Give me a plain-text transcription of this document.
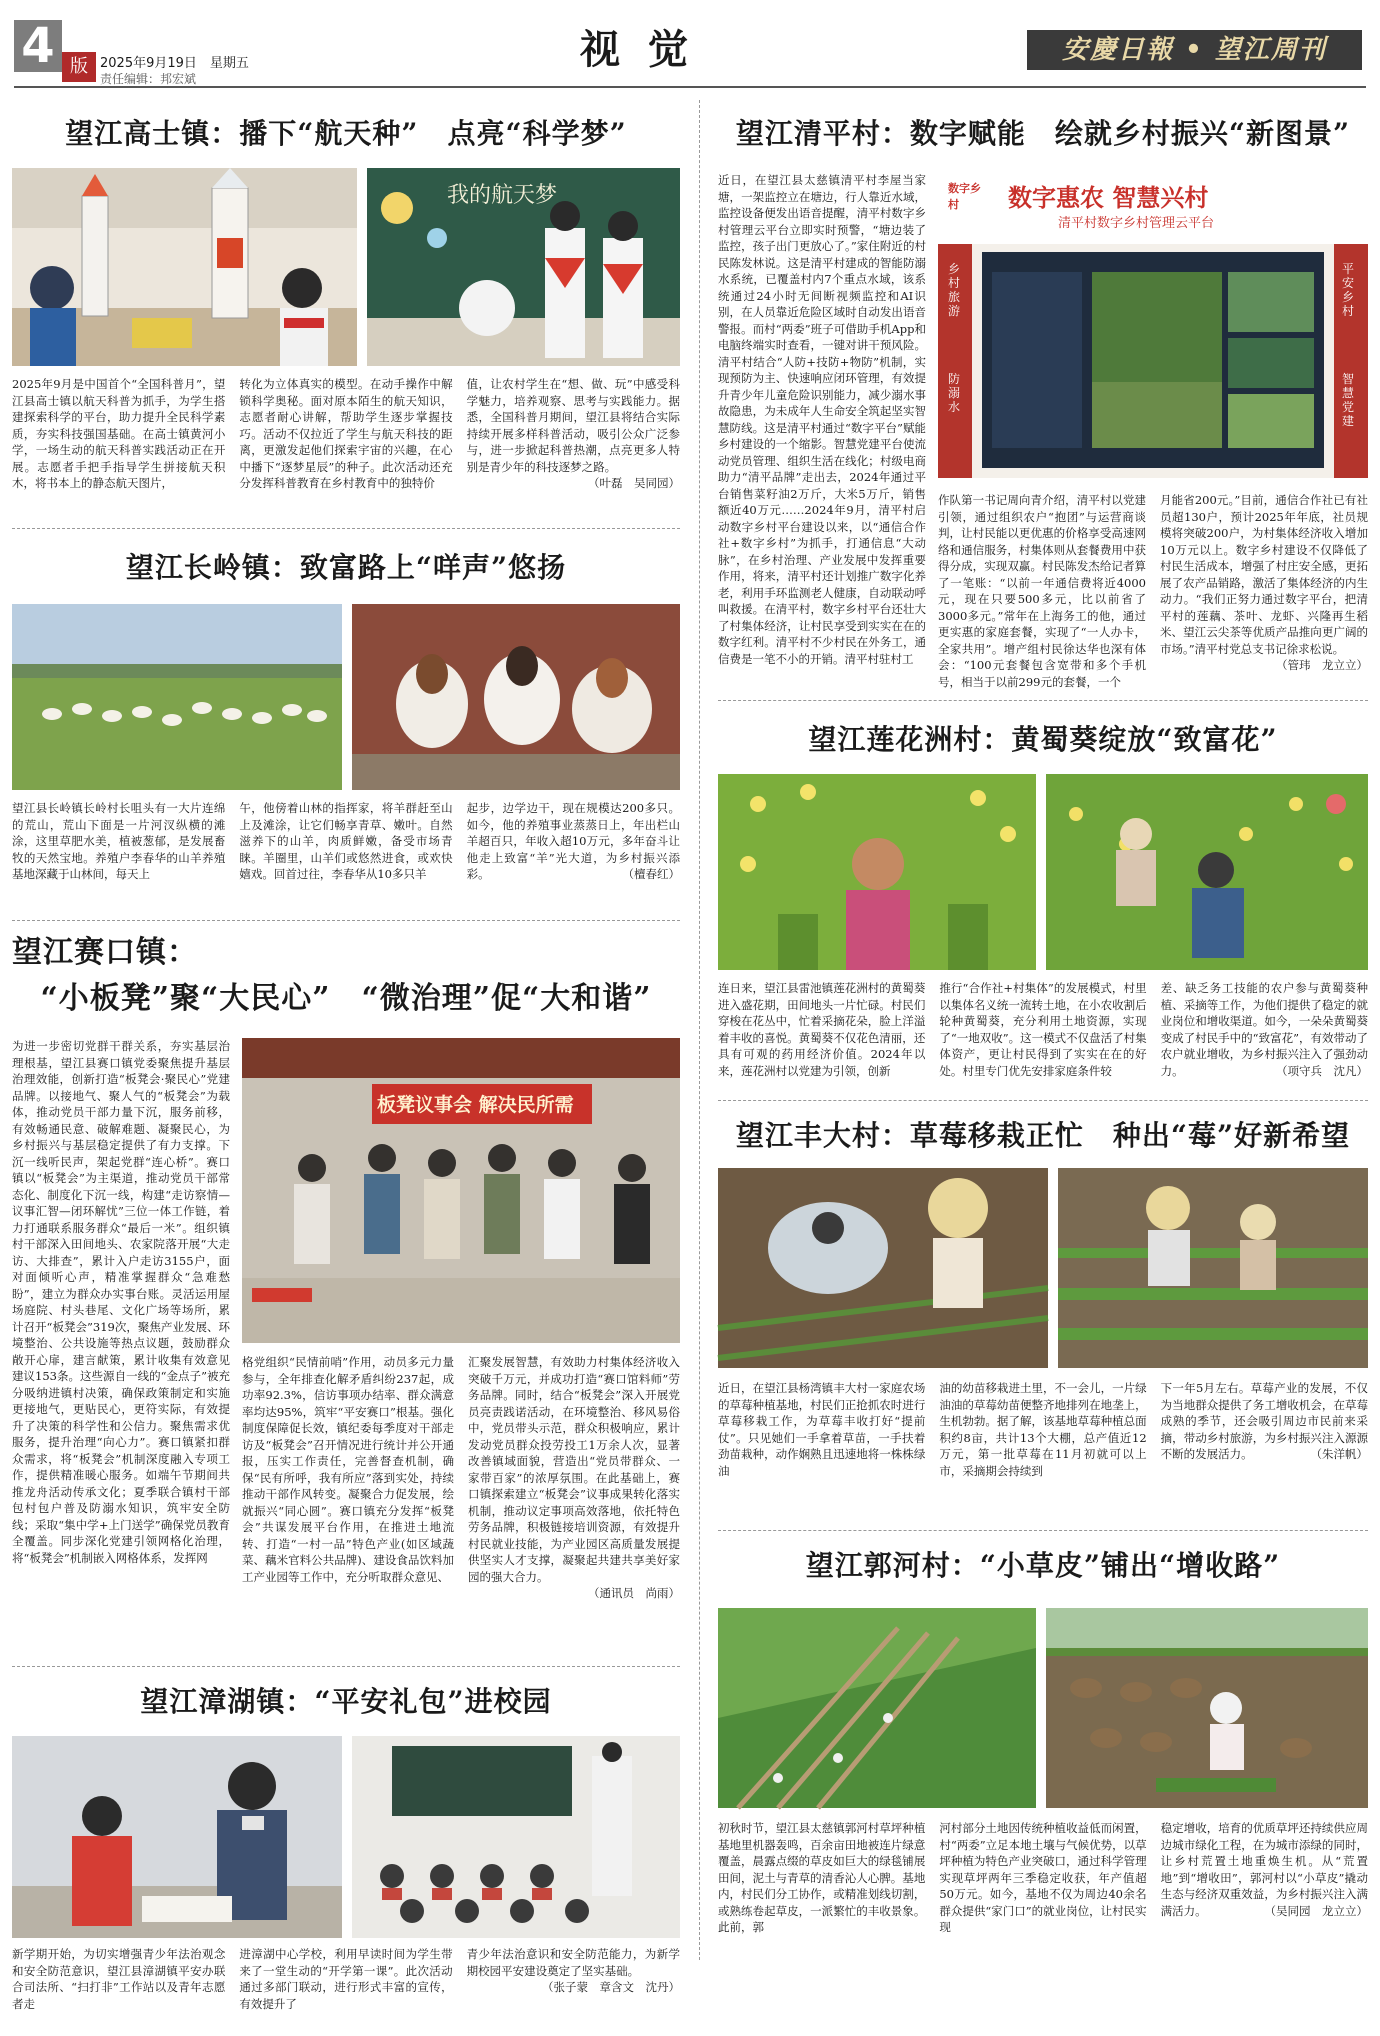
4 版 2025年9月19日　星期五
责任编辑：邦宏斌
视觉	安慶日報 • 望江周刊
望江高士镇：播下“航天种”　点亮“科学梦”
我的航天梦

2025年9月是中国首个“全国科普月”，望江县高士镇以航天科普为抓手，为学生搭建探索科学的平台，助力提升全民科学素质，夯实科技强国基础。在高士镇黄河小学，一场生动的航天科普实践活动正在开展。志愿者手把手指导学生拼接航天积木，将书本上的静态航天图片，

转化为立体真实的模型。在动手操作中解锁科学奥秘。面对原本陌生的航天知识，志愿者耐心讲解，帮助学生逐步掌握技巧。活动不仅拉近了学生与航天科技的距离，更激发起他们探索宇宙的兴趣，在心中播下“逐梦星辰”的种子。此次活动还充分发挥科普教育在乡村教育中的独特价

值，让农村学生在“想、做、玩”中感受科学魅力，培养观察、思考与实践能力。据悉，全国科普月期间，望江县将结合实际持续开展多样科普活动，吸引公众广泛参与，进一步掀起科普热潮，点亮更多人特别是青少年的科技逐梦之路。

（叶磊　吴同园）

望江长岭镇：致富路上“咩声”悠扬

望江县长岭镇长岭村长咀头有一大片连绵的荒山，荒山下面是一片河汊纵横的滩涂，这里草肥水美，植被葱郁，是发展畜牧的天然宝地。养殖户李春华的山羊养殖基地深藏于山林间，每天上

午，他傍着山林的指挥家，将羊群赶至山上及滩涂，让它们畅享青草、嫩叶。自然滋养下的山羊，肉质鲜嫩，备受市场青睐。羊圈里，山羊们或悠然进食，或欢快嬉戏。回首过往，李春华从10多只羊

起步，边学边干，现在规模达200多只。如今，他的养殖事业蒸蒸日上，年出栏山羊超百只，年收入超10万元，多年奋斗让他走上致富“羊”光大道，为乡村振兴添彩。	（檀春红）

望江赛口镇：
“小板凳”聚“大民心”　“微治理”促“大和谐”

为进一步密切党群干群关系，夯实基层治理根基，望江县赛口镇党委聚焦提升基层治理效能，创新打造“板凳会·聚民心”党建品牌。以接地气、聚人气的“板凳会”为载体，推动党员干部力量下沉，服务前移，有效畅通民意、破解难题、凝聚民心，为乡村振兴与基层稳定提供了有力支撑。下沉一线听民声，架起党群“连心桥”。赛口镇以“板凳会”为主渠道，推动党员干部常态化、制度化下沉一线，构建“走访察情—议事汇智—闭环解忧”三位一体工作链，着力打通联系服务群众“最后一米”。组织镇村干部深入田间地头、农家院落开展“大走访、大排查”，累计入户走访3155户，面对面倾听心声，精准掌握群众“急难愁盼”，建立为群众办实事台账。灵活运用屋场庭院、村头巷尾、文化广场等场所，累计召开“板凳会”319次，聚焦产业发展、环境整治、公共设施等热点议题，鼓励群众敞开心扉，建言献策，累计收集有效意见建议153条。这些源自一线的“金点子”被充分吸纳进镇村决策，确保政策制定和实施更接地气，更贴民心，更符实际，有效提升了决策的科学性和公信力。聚焦需求优服务，提升治理“向心力”。赛口镇紧扣群众需求，将“板凳会”机制深度融入专项工作，提供精准暖心服务。如端午节期间共推龙舟活动传承文化；夏季联合镇村干部包村包户普及防溺水知识，筑牢安全防线；采取“集中学+上门送学”确保党员教育全覆盖。同步深化党建引领网格化治理，将“板凳会”机制嵌入网格体系，发挥网

板凳议事会 解决民所需

格党组织“民情前哨”作用，动员多元力量参与，全年排查化解矛盾纠纷237起，成功率92.3%，信访事项办结率、群众满意率均达95%，筑牢“平安赛口”根基。强化制度保障促长效，镇纪委每季度对干部走访及“板凳会”召开情况进行统计并公开通报，压实工作责任，完善督查机制，确保“民有所呼，我有所应”落到实处，持续推动干部作风转变。凝聚合力促发展，绘就振兴“同心圆”。赛口镇充分发挥“板凳会”共谋发展平台作用，在推进土地流转、打造“一村一品”特色产业(如区域蔬菜、藕米官料公共品牌)、建设食品饮料加工产业园等工作中，充分听取群众意见、

汇聚发展智慧，有效助力村集体经济收入突破千万元，并成功打造“赛口馆料师”劳务品牌。同时，结合“板凳会”深入开展党员亮责践诺活动，在环境整治、移风易俗中，党员带头示范，群众积极响应，累计发动党员群众投劳投工1万余人次，显著改善镇域面貌，营造出“党员带群众、一家带百家”的浓厚氛围。在此基础上，赛口镇探索建立“板凳会”议事成果转化落实机制，推动议定事项高效落地，依托特色劳务品牌，积极链接培训资源，有效提升村民就业技能，为产业园区高质量发展提供坚实人才支撑，凝聚起共建共享美好家园的强大合力。

（通讯员　尚雨）

望江漳湖镇：“平安礼包”进校园

新学期开始，为切实增强青少年法治观念和安全防范意识，望江县漳湖镇平安办联合司法所、“扫打非”工作站以及青年志愿者走

进漳湖中心学校，利用早读时间为学生带来了一堂生动的“开学第一课”。此次活动通过多部门联动，进行形式丰富的宣传，有效提升了

青少年法治意识和安全防范能力，为新学期校园平安建设奠定了坚实基础。

（张子蒙　章含文　沈丹）

望江清平村：数字赋能　绘就乡村振兴“新图景”

近日，在望江县太慈镇清平村李屋当家塘，一架监控立在塘边，行人靠近水域，监控设备便发出语音提醒，清平村数字乡村管理云平台立即实时预警，“塘边装了监控，孩子出门更放心了。”家住附近的村民陈发林说。这是清平村建成的智能防溺水系统，已覆盖村内7个重点水域，该系统通过24小时无间断视频监控和AI识别，在人员靠近危险区域时自动发出语音警报。而村“两委”班子可借助手机App和电脑终端实时查看，一键对讲干预风险。清平村结合“人防+技防+物防”机制，实现预防为主、快速响应闭环管理，有效提升青少年儿童危险识别能力，减少溺水事故隐患，为未成年人生命安全筑起坚实智慧防线。这是清平村通过“数字平台”赋能乡村建设的一个缩影。智慧党建平台使流动党员管理、组织生活在线化；村级电商助力“清平品牌”走出去，2024年通过平台销售菜籽油2万斤，大米5万斤，销售额近40万元……2024年9月，清平村启动数字乡村平台建设以来，以“通信合作社+数字乡村”为抓手，打通信息“大动脉”，在乡村治理、产业发展中发挥重要作用，将来，清平村还计划推广数字化养老，利用手环监测老人健康，自动联动呼叫救援。在清平村，数字乡村平台还壮大了村集体经济，让村民享受到实实在在的数字红利。清平村不少村民在外务工，通信费是一笔不小的开销。清平村驻村工

数字惠农 智慧兴村
清平村数字乡村管理云平台
数字乡村
乡村旅游
防溺水
平安乡村
智慧党建

作队第一书记周向青介绍，清平村以党建引领，通过组织农户“抱团”与运营商谈判，让村民能以更优惠的价格享受高速网络和通信服务，村集体则从套餐费用中获得分成，实现双赢。村民陈发杰给记者算了一笔账：“以前一年通信费将近4000元，现在只要500多元，比以前省了3000多元。”常年在上海务工的他，通过更实惠的家庭套餐，实现了“一人办卡，全家共用”。增产组村民徐达华也深有体会：“100元套餐包含宽带和多个手机号，相当于以前299元的套餐，一个

月能省200元。”目前，通信合作社已有社员超130户，预计2025年年底，社员规模将突破200户，为村集体经济收入增加10万元以上。数字乡村建设不仅降低了村民生活成本，增强了村庄安全感，更拓展了农产品销路，激活了集体经济的内生动力。“我们正努力通过数字平台，把清平村的莲藕、茶叶、龙虾、兴隆再生稻米、望江云尖茶等优质产品推向更广阔的市场。”清平村党总支书记徐求松说。
（管玮　龙立立）

望江莲花洲村：黄蜀葵绽放“致富花”

连日来，望江县雷池镇莲花洲村的黄蜀葵进入盛花期，田间地头一片忙碌。村民们穿梭在花丛中，忙着采摘花朵，脸上洋溢着丰收的喜悦。黄蜀葵不仅花色清丽，还具有可观的药用经济价值。2024年以来，莲花洲村以党建为引领，创新

推行“合作社+村集体”的发展模式，村里以集体名义统一流转土地，在小农收割后轮种黄蜀葵，充分利用土地资源，实现了“一地双收”。这一模式不仅盘活了村集体资产，更让村民得到了实实在在的好处。村里专门优先安排家庭条件较

差、缺乏务工技能的农户参与黄蜀葵种植、采摘等工作，为他们提供了稳定的就业岗位和增收渠道。如今，一朵朵黄蜀葵变成了村民手中的“致富花”，有效带动了农户就业增收，为乡村振兴注入了强劲动力。	（项守兵　沈凡）

望江丰大村：草莓移栽正忙　种出“莓”好新希望

近日，在望江县杨湾镇丰大村一家庭农场的草莓种植基地，村民们正抢抓农时进行草莓移栽工作，为草莓丰收打好“提前仗”。只见她们一手拿着草苗，一手扶着劲苗栽种，动作娴熟且迅速地将一株株绿油

油的幼苗移栽进土里，不一会儿，一片绿油油的草莓幼苗便整齐地排列在地垄上，生机勃勃。据了解，该基地草莓种植总面积约8亩，共计13个大棚，总产值近12万元，第一批草莓在11月初就可以上市，采摘期会持续到

下一年5月左右。草莓产业的发展，不仅为当地群众提供了务工增收机会，在草莓成熟的季节，还会吸引周边市民前来采摘，带动乡村旅游，为乡村振兴注入源源不断的发展活力。	（朱洋帆）

望江郭河村：“小草皮”铺出“增收路”

初秋时节，望江县太慈镇郭河村草坪种植基地里机器轰鸣，百余亩田地被连片绿意覆盖，晨露点缀的草皮如巨大的绿毯铺展田间，泥土与青草的清香沁人心脾。基地内，村民们分工协作，或精准划线切割，或熟练卷起草皮，一派繁忙的丰收景象。此前，郭

河村部分土地因传统种植收益低而闲置，村“两委”立足本地土壤与气候优势，以草坪种植为特色产业突破口，通过科学管理实现草坪两年三季稳定收获，年产值超50万元。如今，基地不仅为周边40余名群众提供“家门口”的就业岗位，让村民实现

稳定增收，培育的优质草坪还持续供应周边城市绿化工程，在为城市添绿的同时，让乡村荒置土地重焕生机。从“荒置地”到“增收田”，郭河村以“小草皮”撬动生态与经济双重效益，为乡村振兴注入满满活力。	（吴同园　龙立立）
